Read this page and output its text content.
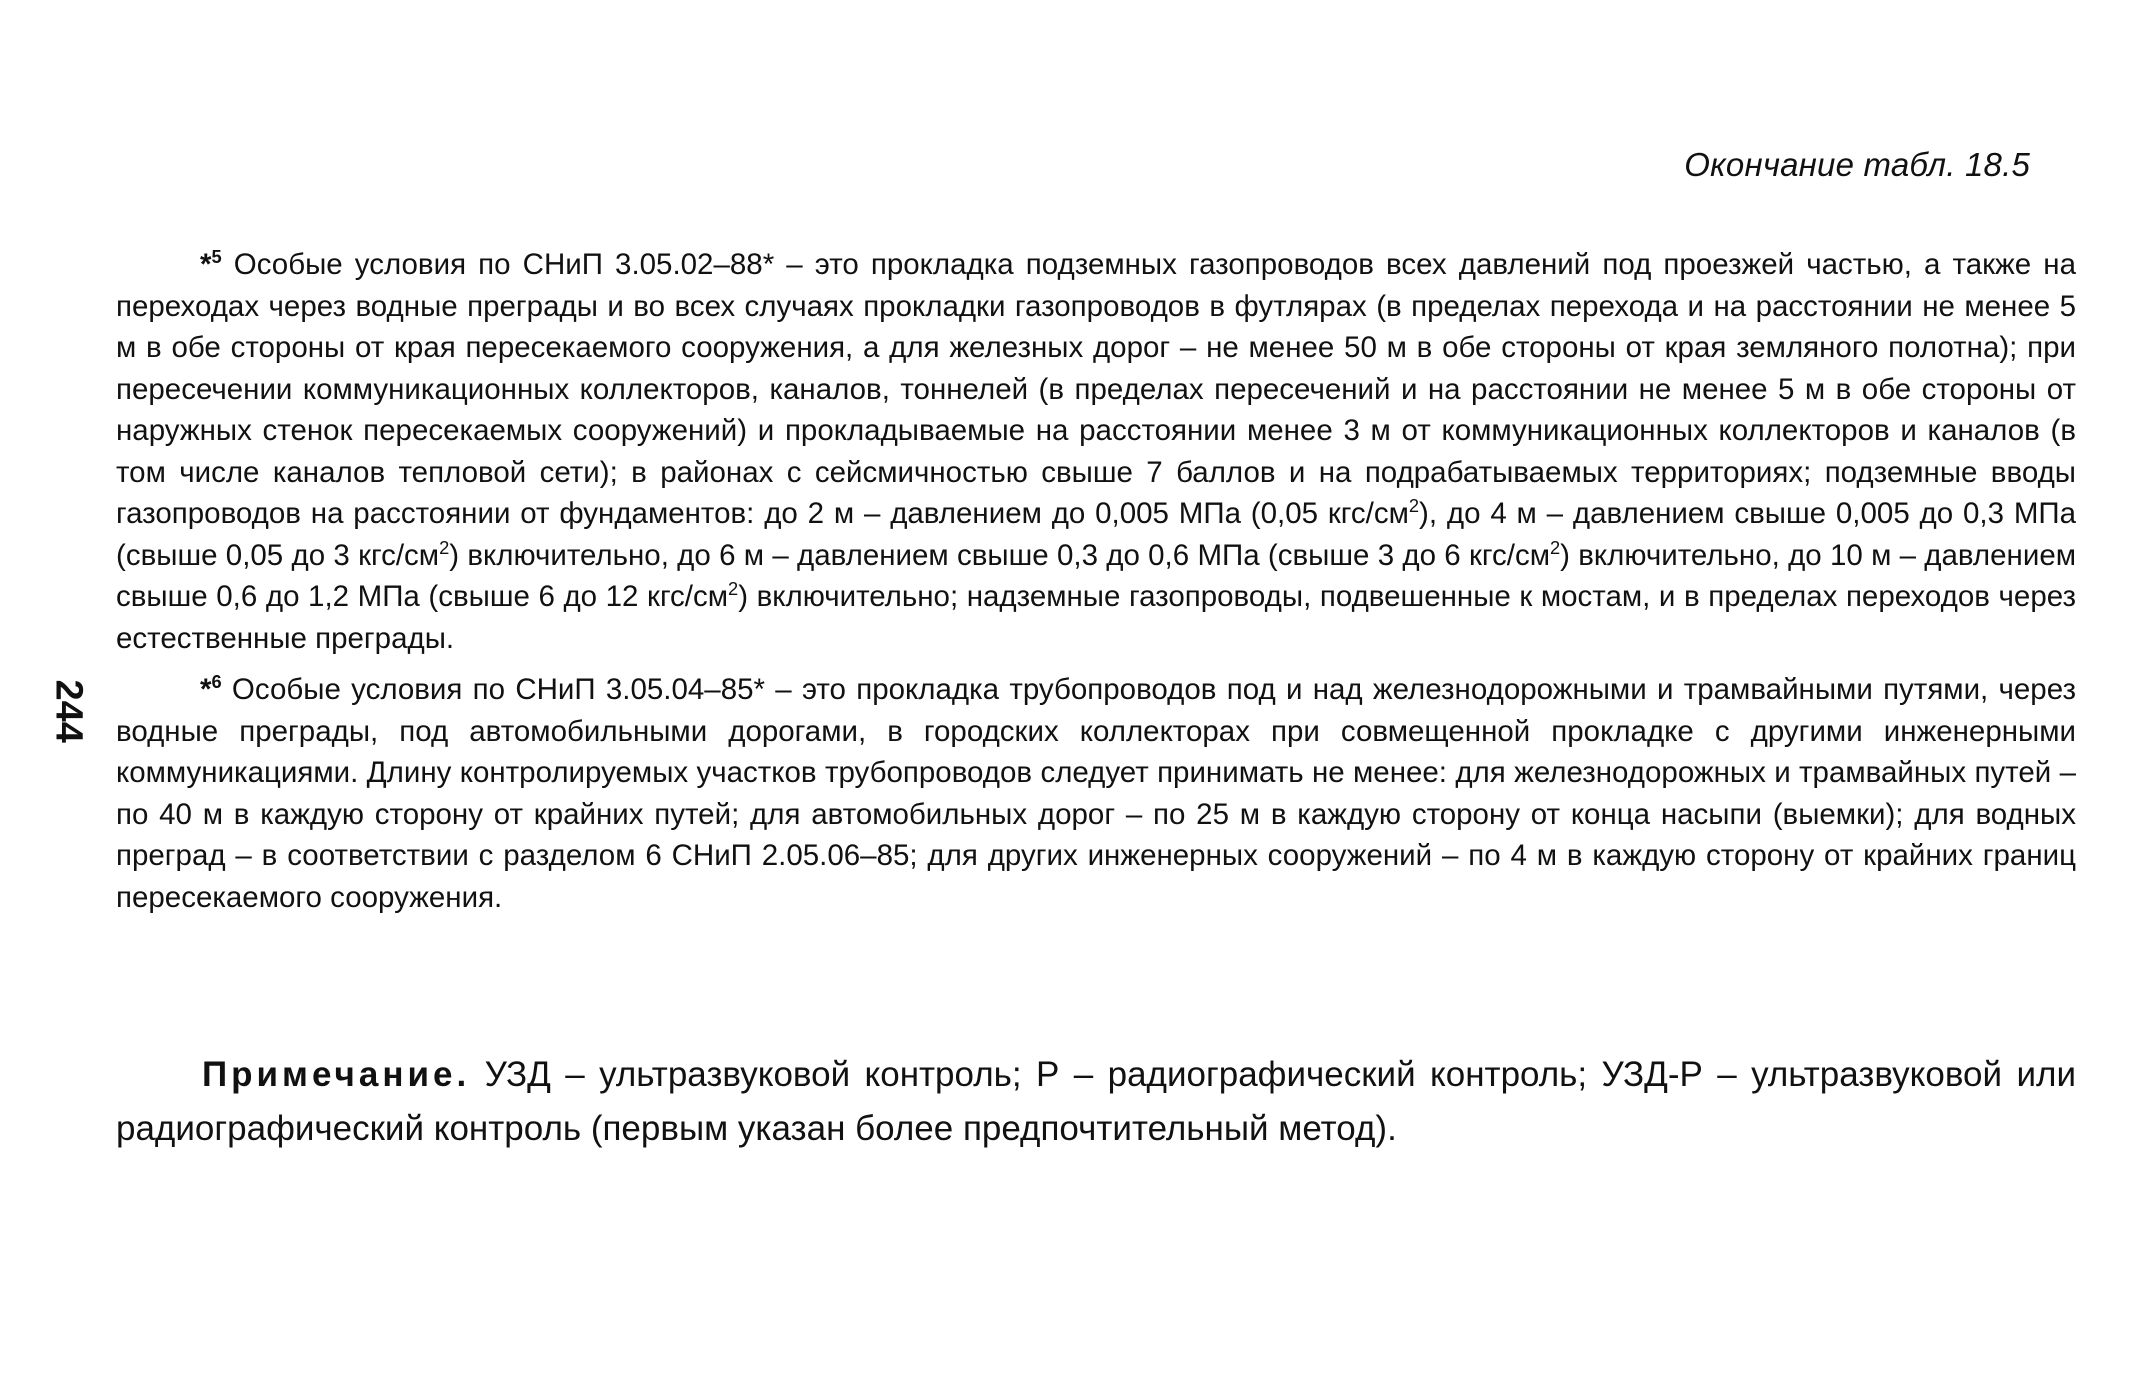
Окончание табл. 18.5
244

*$^5$ Особые условия по СНиП 3.05.02–88* – это прокладка подземных газопроводов всех давлений под проезжей частью, а также на переходах через водные преграды и во всех случаях прокладки газопроводов в футлярах (в пределах перехода и на расстоянии не менее 5 м в обе стороны от края пересекаемого сооружения, а для железных дорог – не менее 50 м в обе стороны от края земляного полотна); при пересечении коммуникационных коллекторов, каналов, тоннелей (в пределах пересечений и на расстоянии не менее 5 м в обе стороны от наружных стенок пересекаемых сооружений) и прокладываемые на расстоянии менее 3 м от коммуникационных коллекторов и каналов (в том числе каналов тепловой сети); в районах с сейсмичностью свыше 7 баллов и на подрабатываемых территориях; подземные вводы газопроводов на расстоянии от фундаментов: до 2 м – давлением до 0,005 МПа (0,05 кгс/$см^2$), до 4 м – давлением свыше 0,005 до 0,3 МПа (свыше 0,05 до 3 кгс/$см^2$) включительно, до 6 м – давлением свыше 0,3 до 0,6 МПа (свыше 3 до 6 кгс/$см^2$) включительно, до 10 м – давлением свыше 0,6 до 1,2 МПа (свыше 6 до 12 кгс/$см^2$) включительно; надземные газопроводы, подвешенные к мостам, и в пределах переходов через естественные преграды.

*$^6$ Особые условия по СНиП 3.05.04–85* – это прокладка трубопроводов под и над железнодорожными и трамвайными путями, через водные преграды, под автомобильными дорогами, в городских коллекторах при совмещенной прокладке с другими инженерными коммуникациями. Длину контролируемых участков трубопроводов следует принимать не менее: для железнодорожных и трамвайных путей – по 40 м в каждую сторону от крайних путей; для автомобильных дорог – по 25 м в каждую сторону от конца насыпи (выемки); для водных преград – в соответствии с разделом 6 СНиП 2.05.06–85; для других инженерных сооружений – по 4 м в каждую сторону от крайних границ пересекаемого сооружения.

Примечание. УЗД – ультразвуковой контроль; Р – радиографический контроль; УЗД-Р – ультразвуковой или радиографический контроль (первым указан более предпочтительный метод).
